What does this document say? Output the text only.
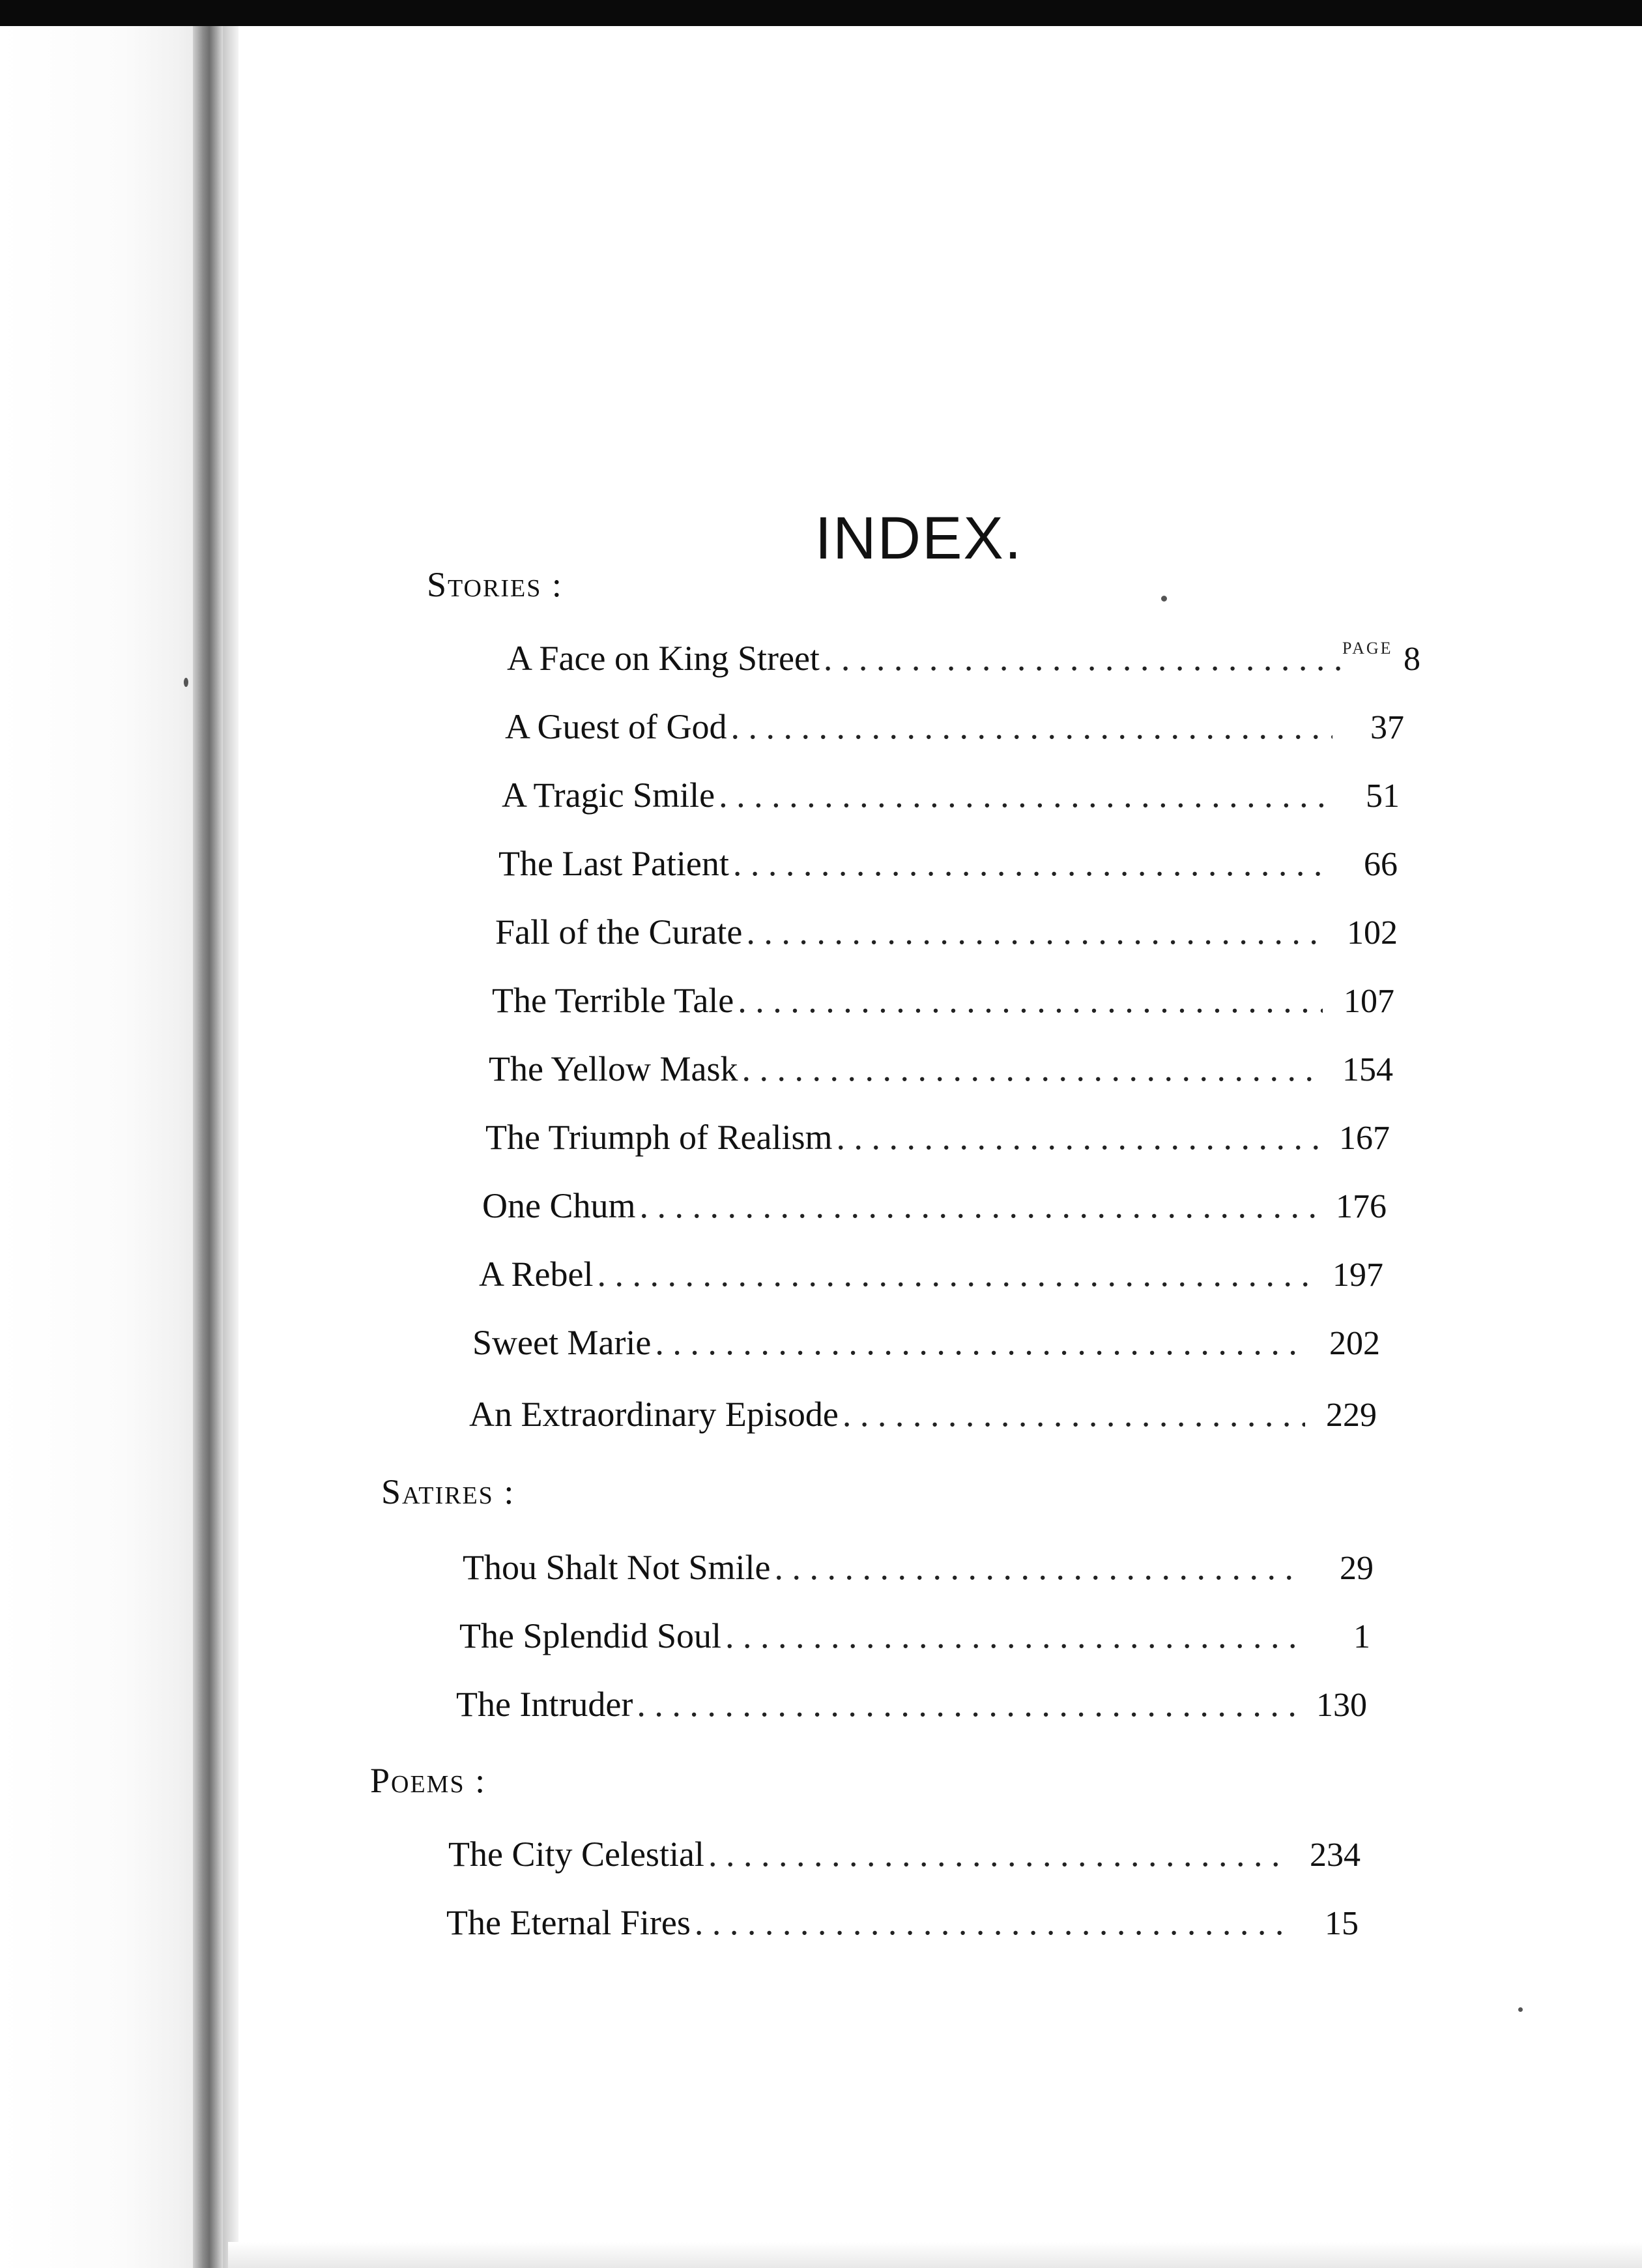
INDEX.
Stories :
PAGE
A Face on King Street . . .	8
A Guest of God . . .	37
A Tragic Smile . . .	51
The Last Patient . . .	66
Fall of the Curate . . .	102
The Terrible Tale . . .	107
The Yellow Mask . . .	154
The Triumph of Realism . . .	167
One Chum . . .	176
A Rebel . . .	197
Sweet Marie . . .	202
An Extraordinary Episode . . .	229
Satires :
Thou Shalt Not Smile . . .	29
The Splendid Soul . . .	1
The Intruder . . .	130
Poems :
The City Celestial . . .	234
The Eternal Fires . . .	15
